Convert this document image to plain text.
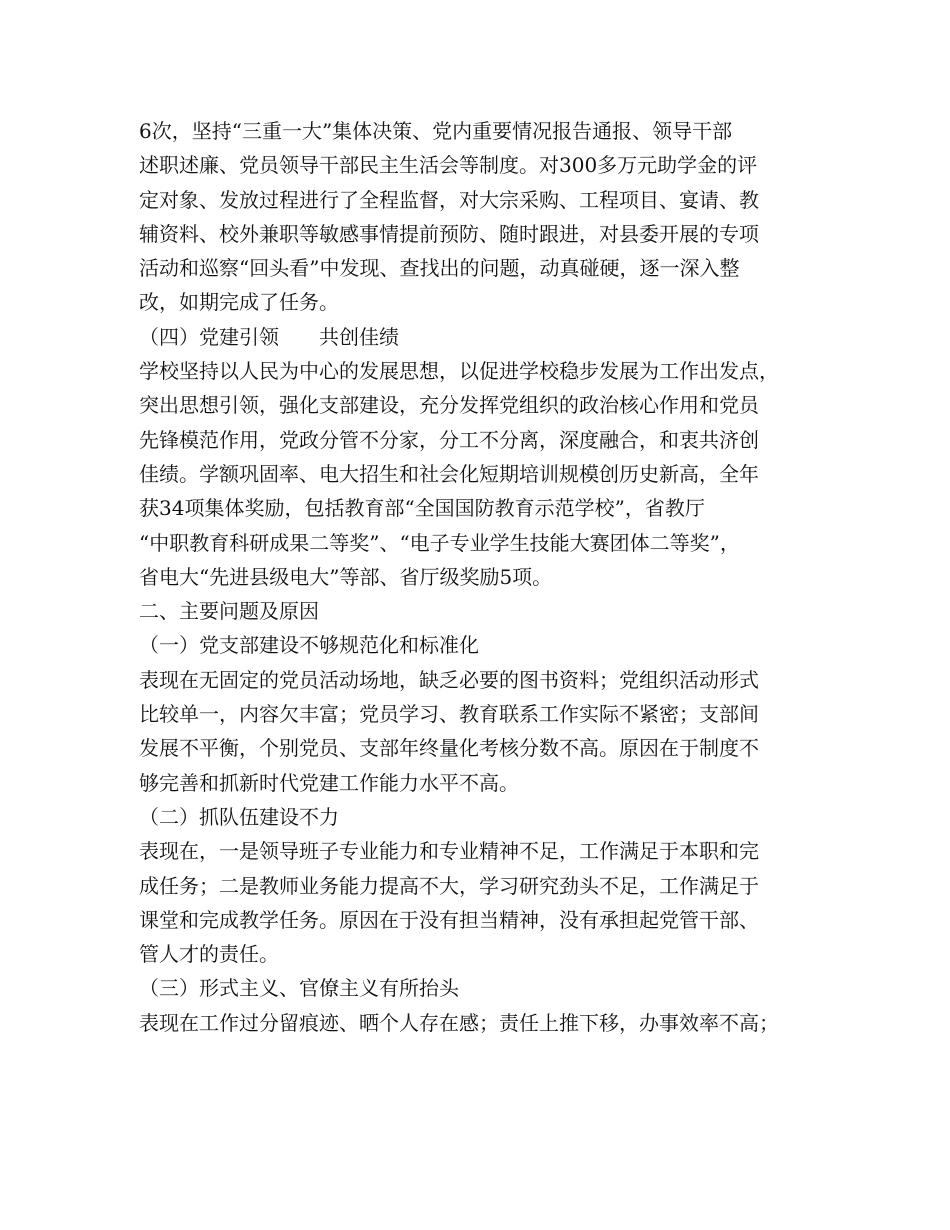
6次，坚持“三重一大”集体决策、党内重要情况报告通报、领导干部

述职述廉、党员领导干部民主生活会等制度。对300多万元助学金的评

定对象、发放过程进行了全程监督，对大宗采购、工程项目、宴请、教

辅资料、校外兼职等敏感事情提前预防、随时跟进，对县委开展的专项

活动和巡察“回头看”中发现、查找出的问题，动真碰硬，逐一深入整

改，如期完成了任务。

（四）党建引领　　共创佳绩

学校坚持以人民为中心的发展思想，以促进学校稳步发展为工作出发点，

突出思想引领，强化支部建设，充分发挥党组织的政治核心作用和党员

先锋模范作用，党政分管不分家，分工不分离，深度融合，和衷共济创

佳绩。学额巩固率、电大招生和社会化短期培训规模创历史新高，全年

获34项集体奖励，包括教育部“全国国防教育示范学校”，省教厅

“中职教育科研成果二等奖”、“电子专业学生技能大赛团体二等奖”，

省电大“先进县级电大”等部、省厅级奖励5项。

二、主要问题及原因

（一）党支部建设不够规范化和标准化

表现在无固定的党员活动场地，缺乏必要的图书资料；党组织活动形式

比较单一，内容欠丰富；党员学习、教育联系工作实际不紧密；支部间

发展不平衡，个别党员、支部年终量化考核分数不高。原因在于制度不

够完善和抓新时代党建工作能力水平不高。

（二）抓队伍建设不力

表现在，一是领导班子专业能力和专业精神不足，工作满足于本职和完

成任务；二是教师业务能力提高不大，学习研究劲头不足，工作满足于

课堂和完成教学任务。原因在于没有担当精神，没有承担起党管干部、

管人才的责任。

（三）形式主义、官僚主义有所抬头

表现在工作过分留痕迹、晒个人存在感；责任上推下移，办事效率不高；
